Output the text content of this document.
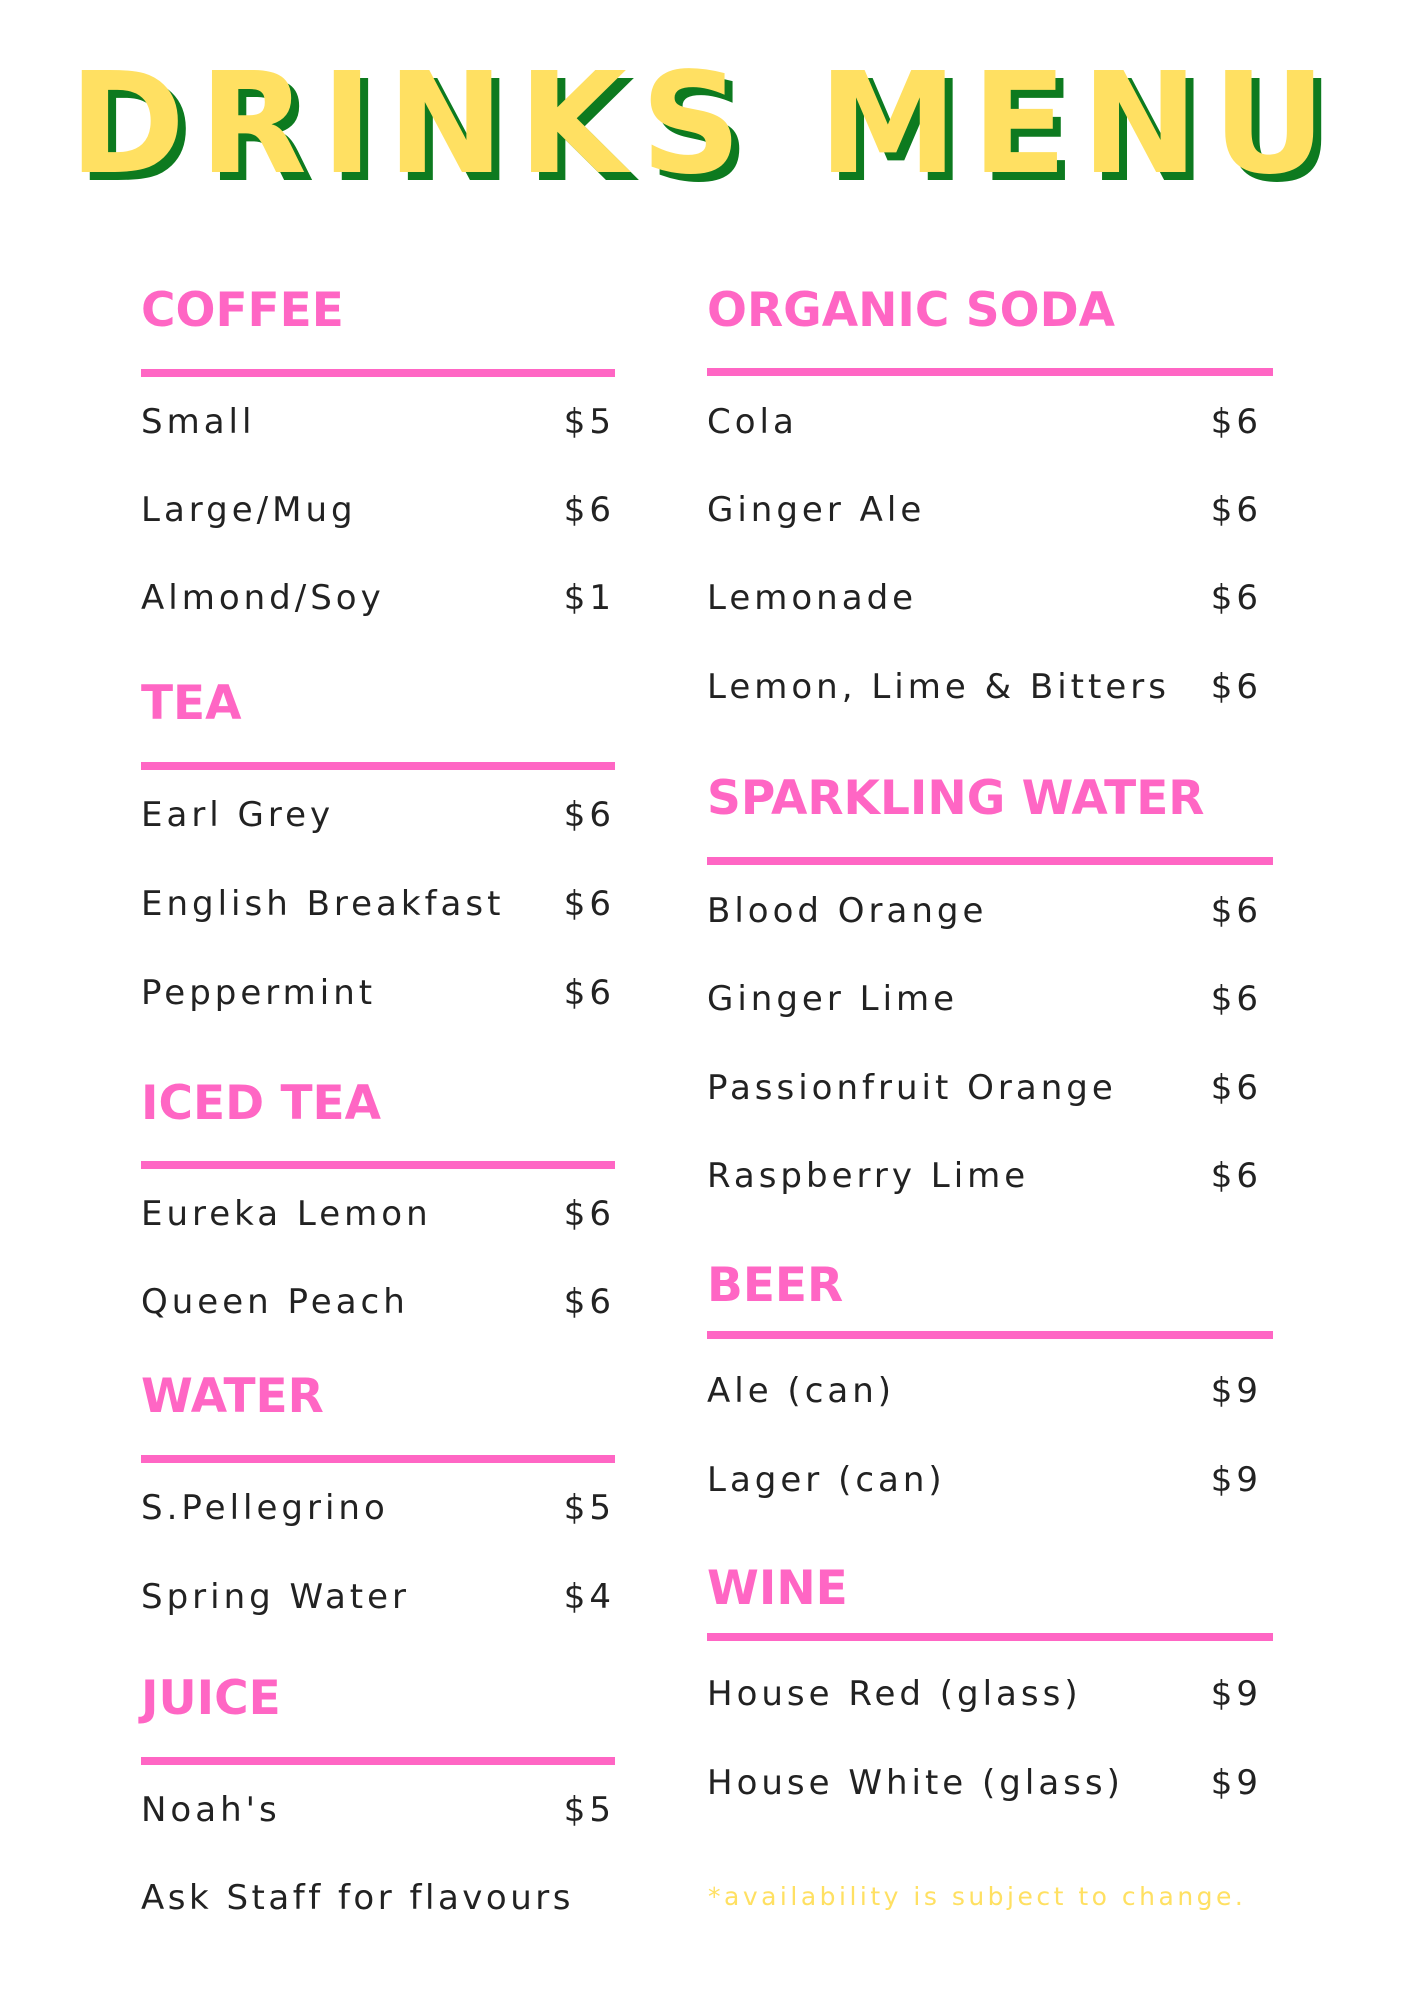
DRINKS MENU
COFFEE
Small	$5
Large/Mug	$6
Almond/Soy	$1
TEA
Earl Grey	$6
English Breakfast $6
Peppermint	$6
ICED TEA
Eureka Lemon	$6
Queen Peach	$6
WATER
S.Pellegrino	$5
Spring Water	$4
JUICE
Noah's	$5
Ask Staff for flavours
ORGANIC SODA
Cola	$6
Ginger Ale	$6
Lemonade	$6
Lemon, Lime & Bitters $6
SPARKLING WATER
Blood Orange	$6
Ginger Lime	$6
Passionfruit Orange	$6
Raspberry Lime	$6
BEER
Ale (can)	$9
Lager (can)	$9
WINE
House Red (glass)	$9
House White (glass)	$9
*availability is subject to change.
